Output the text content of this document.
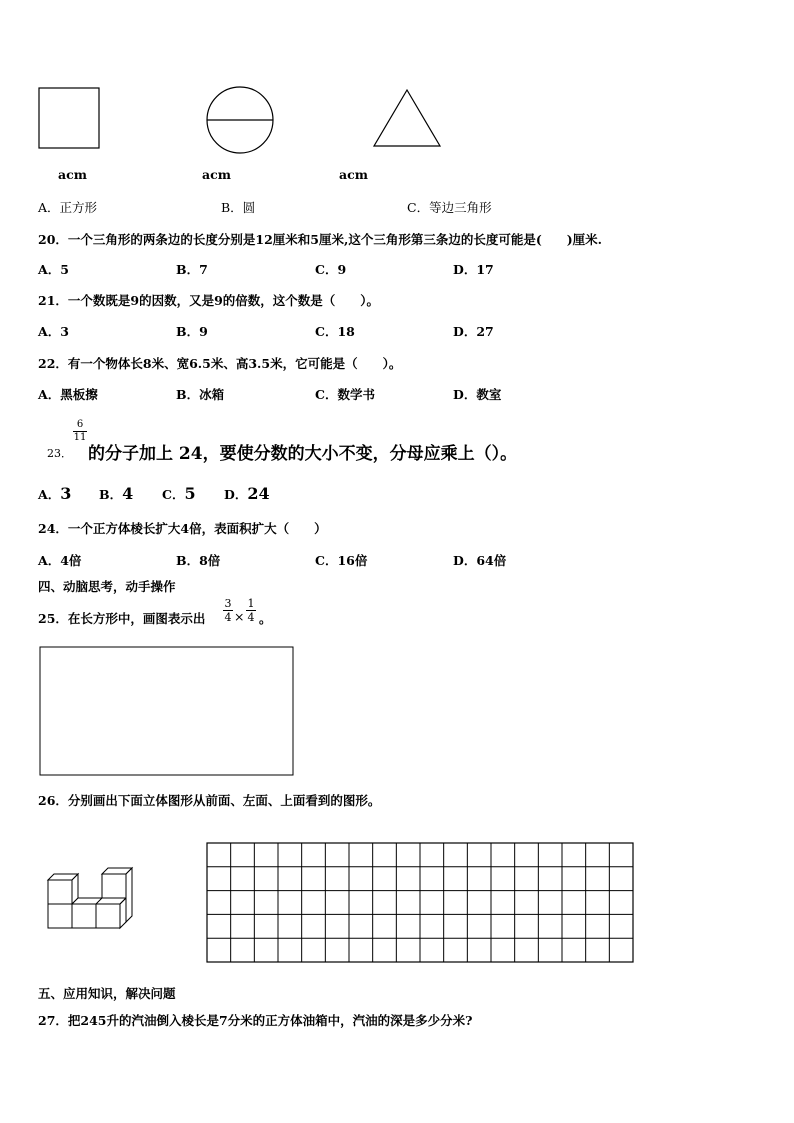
acm	acm	acm
A．正方形	B．圆	C．等边三角形
20．一个三角形的两条边的长度分别是12厘米和5厘米,这个三角形第三条边的长度可能是(　　)厘米.
A．5	B．7	C．9	D．17
21．一个数既是9的因数，又是9的倍数，这个数是（　　）。
A．3	B．9	C．18	D．27
22．有一个物体长8米、宽6.5米、高3.5米，它可能是（　　）。
A．黑板擦	B．冰箱	C．数学书	D．教室
23．
6
11
的分子加上 24，要使分数的大小不变，分母应乘上（）。
A．3 B．4 C．5 D．24
24．一个正方体棱长扩大4倍，表面积扩大（　　）
A．4倍	B．8倍	C．16倍	D．64倍
四、动脑思考，动手操作
25．在长方形中，画图表示出
3
4 ×
1
4 。
26．分别画出下面立体图形从前面、左面、上面看到的图形。
五、应用知识，解决问题
27．把245升的汽油倒入棱长是7分米的正方体油箱中，汽油的深是多少分米?
